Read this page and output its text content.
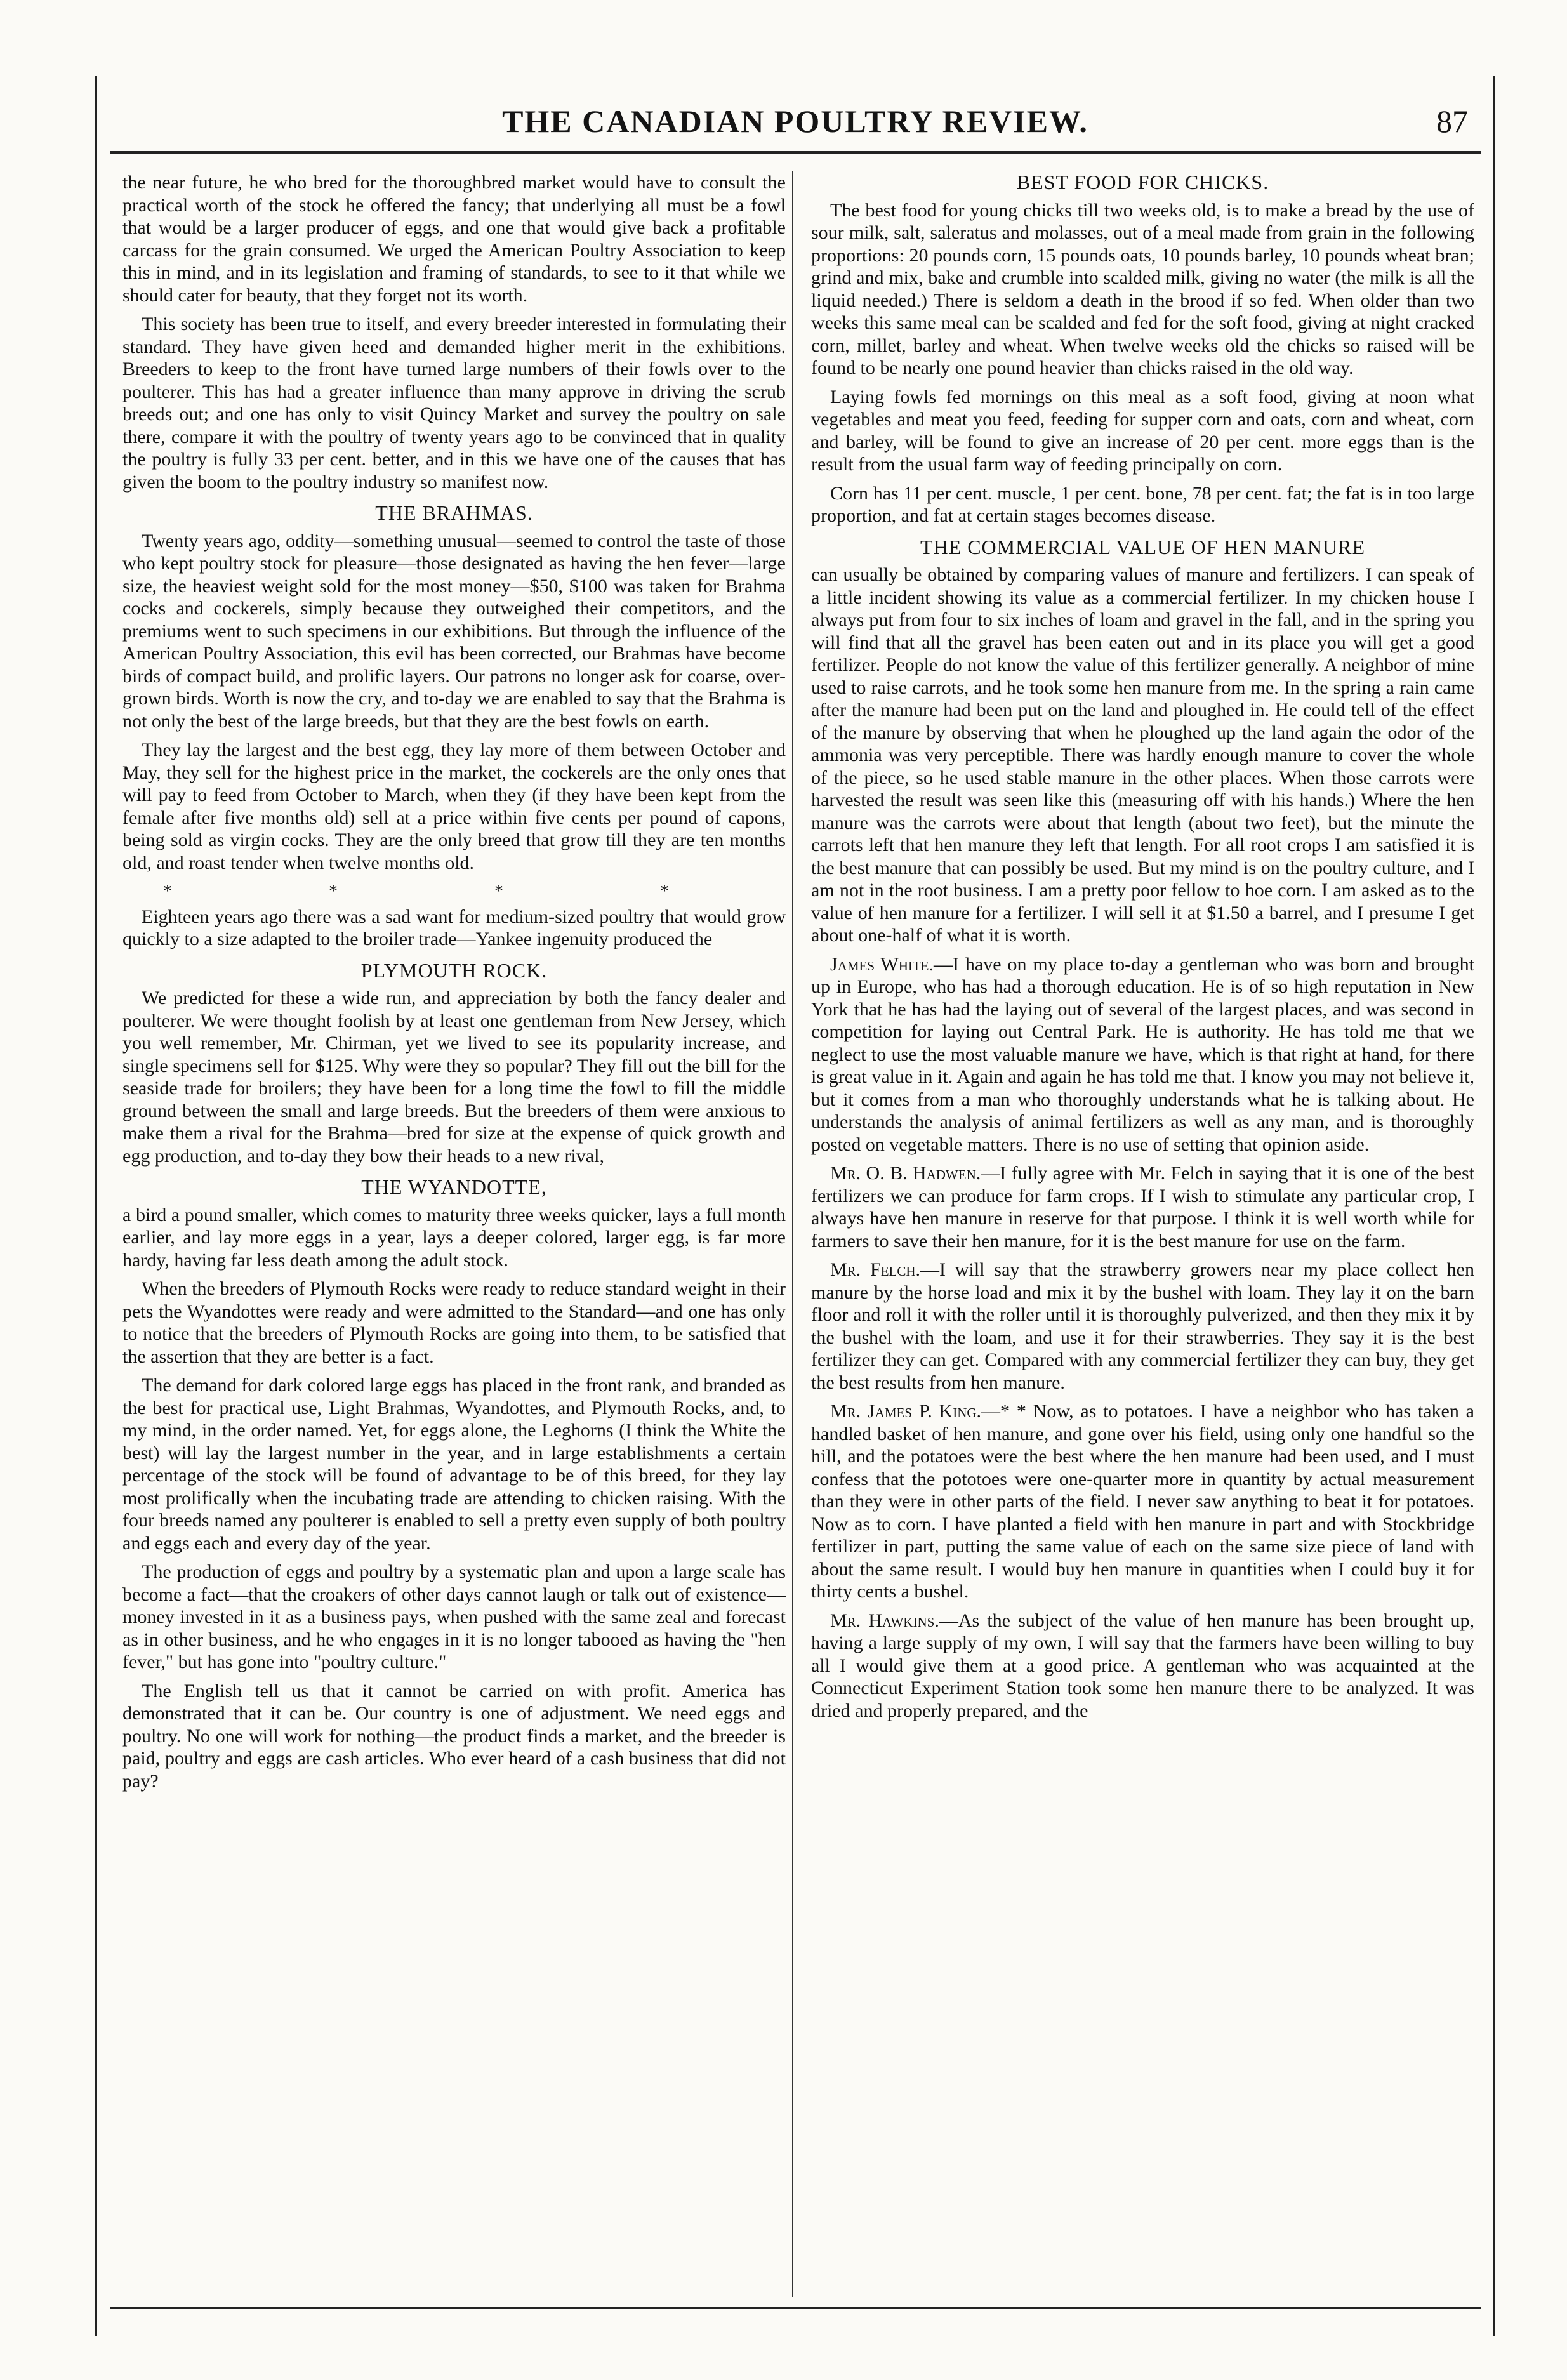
THE CANADIAN POULTRY REVIEW.	87

the near future, he who bred for the thoroughbred market would have to consult the practical worth of the stock he offered the fancy; that underlying all must be a fowl that would be a larger producer of eggs, and one that would give back a profitable carcass for the grain consumed. We urged the American Poultry Association to keep this in mind, and in its legislation and framing of standards, to see to it that while we should cater for beauty, that they forget not its worth.

This society has been true to itself, and every breeder interested in formulating their standard. They have given heed and demanded higher merit in the exhibitions. Breeders to keep to the front have turned large numbers of their fowls over to the poulterer. This has had a greater influence than many approve in driving the scrub breeds out; and one has only to visit Quincy Market and survey the poultry on sale there, compare it with the poultry of twenty years ago to be convinced that in quality the poultry is fully 33 per cent. better, and in this we have one of the causes that has given the boom to the poultry industry so manifest now.

THE BRAHMAS.

Twenty years ago, oddity—something unusual—seemed to control the taste of those who kept poultry stock for pleasure—those designated as having the hen fever—large size, the heaviest weight sold for the most money—$50, $100 was taken for Brahma cocks and cockerels, simply because they outweighed their competitors, and the premiums went to such specimens in our exhibitions. But through the influence of the American Poultry Association, this evil has been corrected, our Brahmas have become birds of compact build, and prolific layers. Our patrons no longer ask for coarse, over-grown birds. Worth is now the cry, and to-day we are enabled to say that the Brahma is not only the best of the large breeds, but that they are the best fowls on earth.

They lay the largest and the best egg, they lay more of them between October and May, they sell for the highest price in the market, the cockerels are the only ones that will pay to feed from October to March, when they (if they have been kept from the female after five months old) sell at a price within five cents per pound of capons, being sold as virgin cocks. They are the only breed that grow till they are ten months old, and roast tender when twelve months old.

* * * *

Eighteen years ago there was a sad want for medium-sized poultry that would grow quickly to a size adapted to the broiler trade—Yankee ingenuity produced the

PLYMOUTH ROCK.

We predicted for these a wide run, and appreciation by both the fancy dealer and poulterer. We were thought foolish by at least one gentleman from New Jersey, which you well remember, Mr. Chirman, yet we lived to see its popularity increase, and single specimens sell for $125. Why were they so popular? They fill out the bill for the seaside trade for broilers; they have been for a long time the fowl to fill the middle ground between the small and large breeds. But the breeders of them were anxious to make them a rival for the Brahma—bred for size at the expense of quick growth and egg production, and to-day they bow their heads to a new rival,

THE WYANDOTTE,

a bird a pound smaller, which comes to maturity three weeks quicker, lays a full month earlier, and lay more eggs in a year, lays a deeper colored, larger egg, is far more hardy, having far less death among the adult stock.

When the breeders of Plymouth Rocks were ready to reduce standard weight in their pets the Wyandottes were ready and were admitted to the Standard—and one has only to notice that the breeders of Plymouth Rocks are going into them, to be satisfied that the assertion that they are better is a fact.

The demand for dark colored large eggs has placed in the front rank, and branded as the best for practical use, Light Brahmas, Wyandottes, and Plymouth Rocks, and, to my mind, in the order named. Yet, for eggs alone, the Leghorns (I think the White the best) will lay the largest number in the year, and in large establishments a certain percentage of the stock will be found of advantage to be of this breed, for they lay most prolifically when the incubating trade are attending to chicken raising. With the four breeds named any poulterer is enabled to sell a pretty even supply of both poultry and eggs each and every day of the year.

The production of eggs and poultry by a systematic plan and upon a large scale has become a fact—that the croakers of other days cannot laugh or talk out of existence—money invested in it as a business pays, when pushed with the same zeal and forecast as in other business, and he who engages in it is no longer tabooed as having the "hen fever," but has gone into "poultry culture."

The English tell us that it cannot be carried on with profit. America has demonstrated that it can be. Our country is one of adjustment. We need eggs and poultry. No one will work for nothing—the product finds a market, and the breeder is paid, poultry and eggs are cash articles. Who ever heard of a cash business that did not pay?

BEST FOOD FOR CHICKS.

The best food for young chicks till two weeks old, is to make a bread by the use of sour milk, salt, saleratus and molasses, out of a meal made from grain in the following proportions: 20 pounds corn, 15 pounds oats, 10 pounds barley, 10 pounds wheat bran; grind and mix, bake and crumble into scalded milk, giving no water (the milk is all the liquid needed.) There is seldom a death in the brood if so fed. When older than two weeks this same meal can be scalded and fed for the soft food, giving at night cracked corn, millet, barley and wheat. When twelve weeks old the chicks so raised will be found to be nearly one pound heavier than chicks raised in the old way.

Laying fowls fed mornings on this meal as a soft food, giving at noon what vegetables and meat you feed, feeding for supper corn and oats, corn and wheat, corn and barley, will be found to give an increase of 20 per cent. more eggs than is the result from the usual farm way of feeding principally on corn.

Corn has 11 per cent. muscle, 1 per cent. bone, 78 per cent. fat; the fat is in too large proportion, and fat at certain stages becomes disease.

THE COMMERCIAL VALUE OF HEN MANURE

can usually be obtained by comparing values of manure and fertilizers. I can speak of a little incident showing its value as a commercial fertilizer. In my chicken house I always put from four to six inches of loam and gravel in the fall, and in the spring you will find that all the gravel has been eaten out and in its place you will get a good fertilizer. People do not know the value of this fertilizer generally. A neighbor of mine used to raise carrots, and he took some hen manure from me. In the spring a rain came after the manure had been put on the land and ploughed in. He could tell of the effect of the manure by observing that when he ploughed up the land again the odor of the ammonia was very perceptible. There was hardly enough manure to cover the whole of the piece, so he used stable manure in the other places. When those carrots were harvested the result was seen like this (measuring off with his hands.) Where the hen manure was the carrots were about that length (about two feet), but the minute the carrots left that hen manure they left that length. For all root crops I am satisfied it is the best manure that can possibly be used. But my mind is on the poultry culture, and I am not in the root business. I am a pretty poor fellow to hoe corn. I am asked as to the value of hen manure for a fertilizer. I will sell it at $1.50 a barrel, and I presume I get about one-half of what it is worth.

James White.—I have on my place to-day a gentleman who was born and brought up in Europe, who has had a thorough education. He is of so high reputation in New York that he has had the laying out of several of the largest places, and was second in competition for laying out Central Park. He is authority. He has told me that we neglect to use the most valuable manure we have, which is that right at hand, for there is great value in it. Again and again he has told me that. I know you may not believe it, but it comes from a man who thoroughly understands what he is talking about. He understands the analysis of animal fertilizers as well as any man, and is thoroughly posted on vegetable matters. There is no use of setting that opinion aside.

Mr. O. B. Hadwen.—I fully agree with Mr. Felch in saying that it is one of the best fertilizers we can produce for farm crops. If I wish to stimulate any particular crop, I always have hen manure in reserve for that purpose. I think it is well worth while for farmers to save their hen manure, for it is the best manure for use on the farm.

Mr. Felch.—I will say that the strawberry growers near my place collect hen manure by the horse load and mix it by the bushel with loam. They lay it on the barn floor and roll it with the roller until it is thoroughly pulverized, and then they mix it by the bushel with the loam, and use it for their strawberries. They say it is the best fertilizer they can get. Compared with any commercial fertilizer they can buy, they get the best results from hen manure.

Mr. James P. King.—* * Now, as to potatoes. I have a neighbor who has taken a handled basket of hen manure, and gone over his field, using only one handful so the hill, and the potatoes were the best where the hen manure had been used, and I must confess that the pototoes were one-quarter more in quantity by actual measurement than they were in other parts of the field. I never saw anything to beat it for potatoes. Now as to corn. I have planted a field with hen manure in part and with Stockbridge fertilizer in part, putting the same value of each on the same size piece of land with about the same result. I would buy hen manure in quantities when I could buy it for thirty cents a bushel.

Mr. Hawkins.—As the subject of the value of hen manure has been brought up, having a large supply of my own, I will say that the farmers have been willing to buy all I would give them at a good price. A gentleman who was acquainted at the Connecticut Experiment Station took some hen manure there to be analyzed. It was dried and properly prepared, and the
